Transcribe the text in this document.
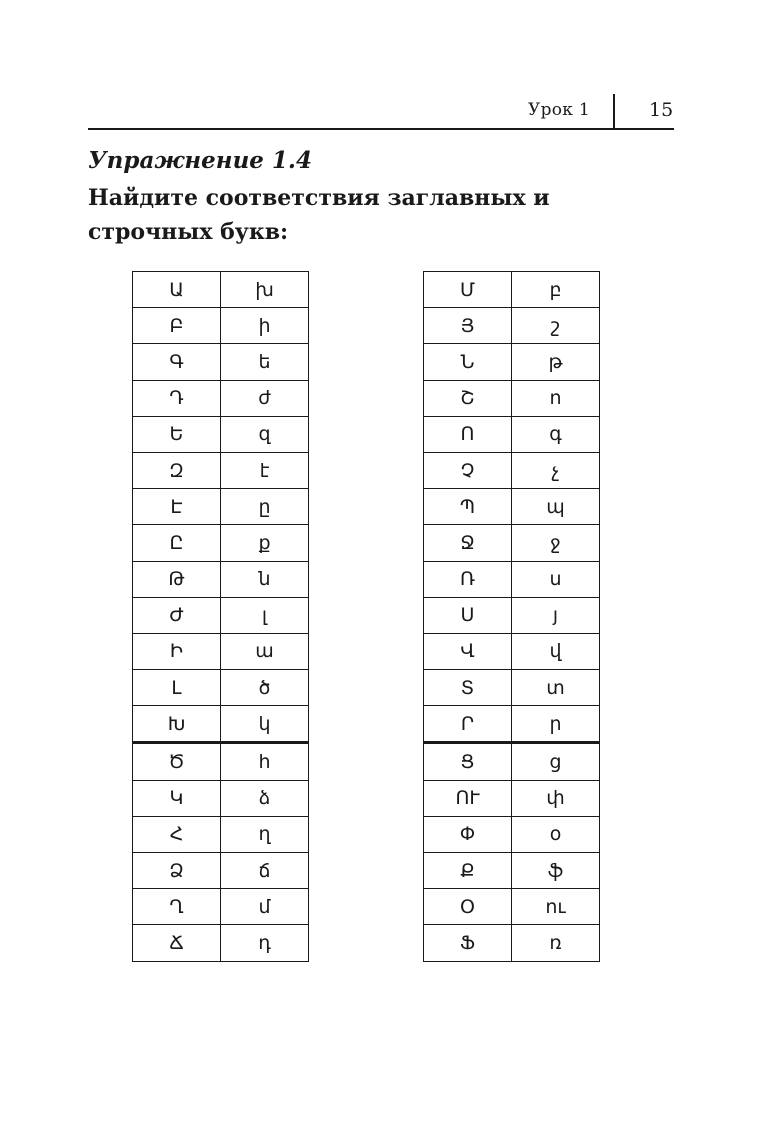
Урок 1	15
Упражнение 1.4
Найдите соответствия заглавных и строчных букв:
Ա	խ
Բ	ի
Գ	ե
Դ	ժ
Ե	զ
Զ	է
Է	ը
Ը	ք
Թ	ն
Ժ	լ
Ի	ա
Լ	ծ
Խ	կ
Ծ	հ
Կ	ձ
Հ	ղ
Ձ	ճ
Ղ	մ
Ճ	դ
Մ	բ
Յ	շ
Ն	թ
Շ	ո
Ո	գ
Չ	չ
Պ	պ
Ջ	ջ
Ռ	ս
Ս	յ
Վ	վ
Տ	տ
Ր	ր
Ց	ց
ՈՒ	փ
Փ	օ
Ք	ֆ
Օ	ու
Ֆ	ռ
